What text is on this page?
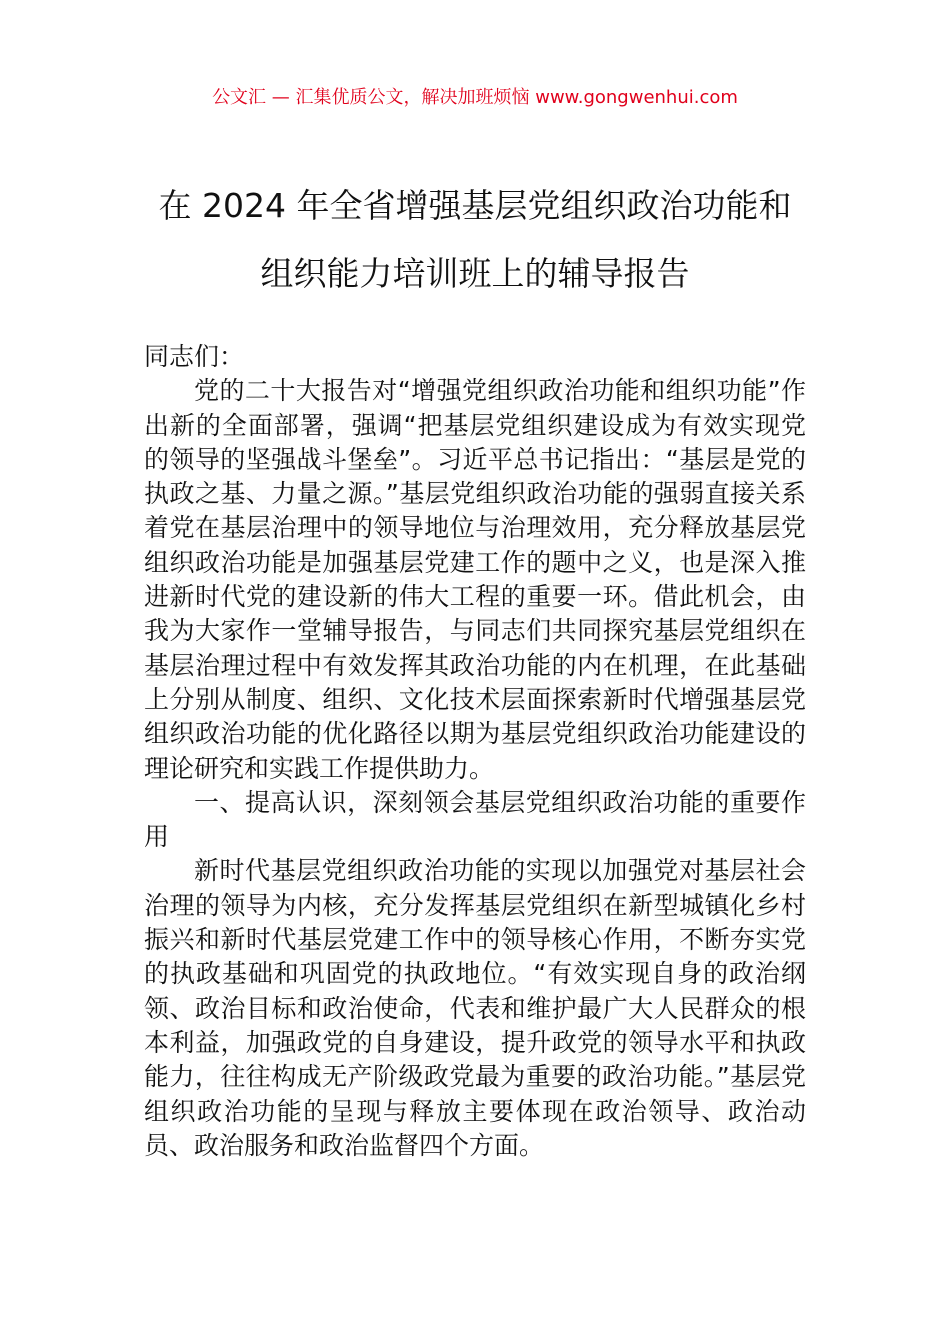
公文汇 — 汇集优质公文，解决加班烦恼 www.gongwenhui.com
在 2024 年全省增强基层党组织政治功能和
组织能力培训班上的辅导报告

同志们：

党的二十大报告对“增强党组织政治功能和组织功能”作出新的全面部署，强调“把基层党组织建设成为有效实现党的领导的坚强战斗堡垒”。习近平总书记指出：“基层是党的执政之基、力量之源。”基层党组织政治功能的强弱直接关系着党在基层治理中的领导地位与治理效用，充分释放基层党组织政治功能是加强基层党建工作的题中之义，也是深入推进新时代党的建设新的伟大工程的重要一环。借此机会，由我为大家作一堂辅导报告，与同志们共同探究基层党组织在基层治理过程中有效发挥其政治功能的内在机理，在此基础上分别从制度、组织、文化技术层面探索新时代增强基层党组织政治功能的优化路径以期为基层党组织政治功能建设的理论研究和实践工作提供助力。

一、提高认识，深刻领会基层党组织政治功能的重要作用

新时代基层党组织政治功能的实现以加强党对基层社会治理的领导为内核，充分发挥基层党组织在新型城镇化乡村振兴和新时代基层党建工作中的领导核心作用，不断夯实党的执政基础和巩固党的执政地位。“有效实现自身的政治纲领、政治目标和政治使命，代表和维护最广大人民群众的根本利益，加强政党的自身建设，提升政党的领导水平和执政能力，往往构成无产阶级政党最为重要的政治功能。”基层党组织政治功能的呈现与释放主要体现在政治领导、政治动员、政治服务和政治监督四个方面。
